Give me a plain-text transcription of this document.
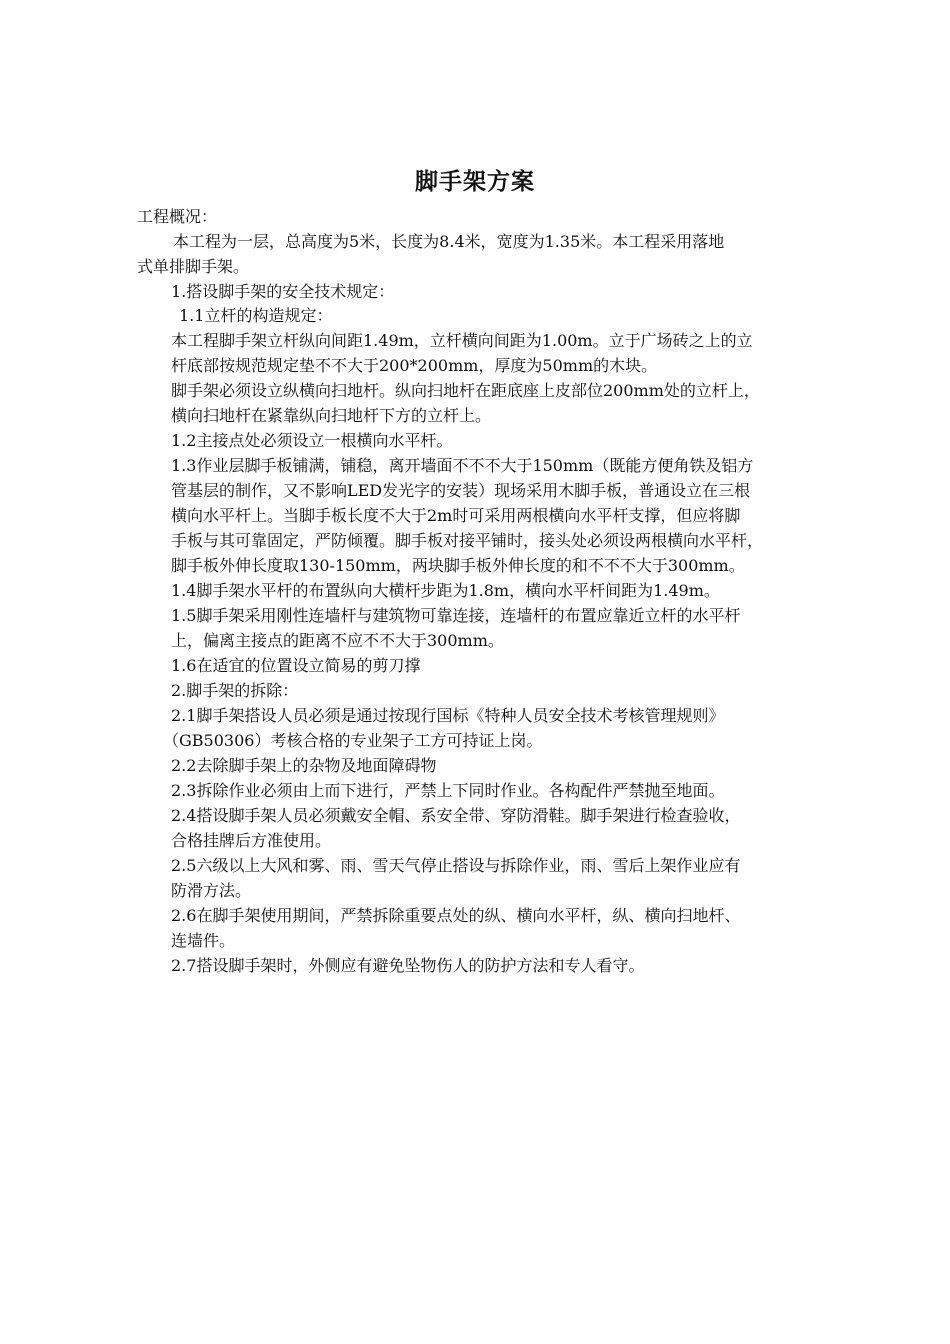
脚手架方案
工程概况：
本工程为一层，总高度为5米，长度为8.4米，宽度为1.35米。本工程采用落地
式单排脚手架。
1.搭设脚手架的安全技术规定：
1.1立杆的构造规定：
本工程脚手架立杆纵向间距1.49m，立杆横向间距为1.00m。立于广场砖之上的立
杆底部按规范规定垫不不大于200*200mm，厚度为50mm的木块。
脚手架必须设立纵横向扫地杆。纵向扫地杆在距底座上皮部位200mm处的立杆上，
横向扫地杆在紧靠纵向扫地杆下方的立杆上。
1.2主接点处必须设立一根横向水平杆。
1.3作业层脚手板铺满，铺稳，离开墙面不不不大于150mm（既能方便角铁及铝方
管基层的制作，又不影响LED发光字的安装）现场采用木脚手板，普通设立在三根
横向水平杆上。当脚手板长度不大于2m时可采用两根横向水平杆支撑，但应将脚
手板与其可靠固定，严防倾覆。脚手板对接平铺时，接头处必须设两根横向水平杆，
脚手板外伸长度取130-150mm，两块脚手板外伸长度的和不不不大于300mm。
1.4脚手架水平杆的布置纵向大横杆步距为1.8m，横向水平杆间距为1.49m。
1.5脚手架采用刚性连墙杆与建筑物可靠连接，连墙杆的布置应靠近立杆的水平杆
上，偏离主接点的距离不应不不大于300mm。
1.6在适宜的位置设立简易的剪刀撑
2.脚手架的拆除：
2.1脚手架搭设人员必须是通过按现行国标《特种人员安全技术考核管理规则》
（GB50306）考核合格的专业架子工方可持证上岗。
2.2去除脚手架上的杂物及地面障碍物
2.3拆除作业必须由上而下进行，严禁上下同时作业。各构配件严禁抛至地面。
2.4搭设脚手架人员必须戴安全帽、系安全带、穿防滑鞋。脚手架进行检查验收，
合格挂牌后方准使用。
2.5六级以上大风和雾、雨、雪天气停止搭设与拆除作业，雨、雪后上架作业应有
防滑方法。
2.6在脚手架使用期间，严禁拆除重要点处的纵、横向水平杆，纵、横向扫地杆、
连墙件。
2.7搭设脚手架时，外侧应有避免坠物伤人的防护方法和专人看守。
